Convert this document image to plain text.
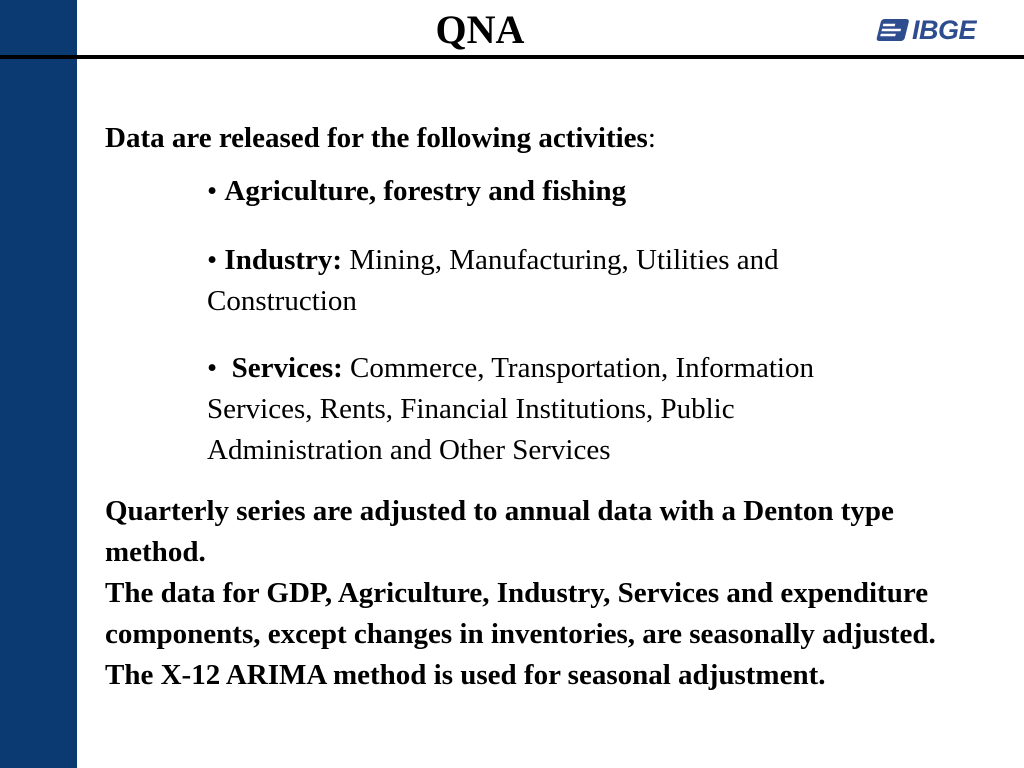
QNA	IBGE

Data are released for the following activities:

• Agriculture, forestry and fishing
• Industry: Mining, Manufacturing, Utilities and Construction
• Services: Commerce, Transportation, Information Services, Rents, Financial Institutions, Public Administration and Other Services

Quarterly series are adjusted to annual data with a Denton type method.

The data for GDP, Agriculture, Industry, Services and expenditure components, except changes in inventories, are seasonally adjusted. The X-12 ARIMA method is used for seasonal adjustment.
